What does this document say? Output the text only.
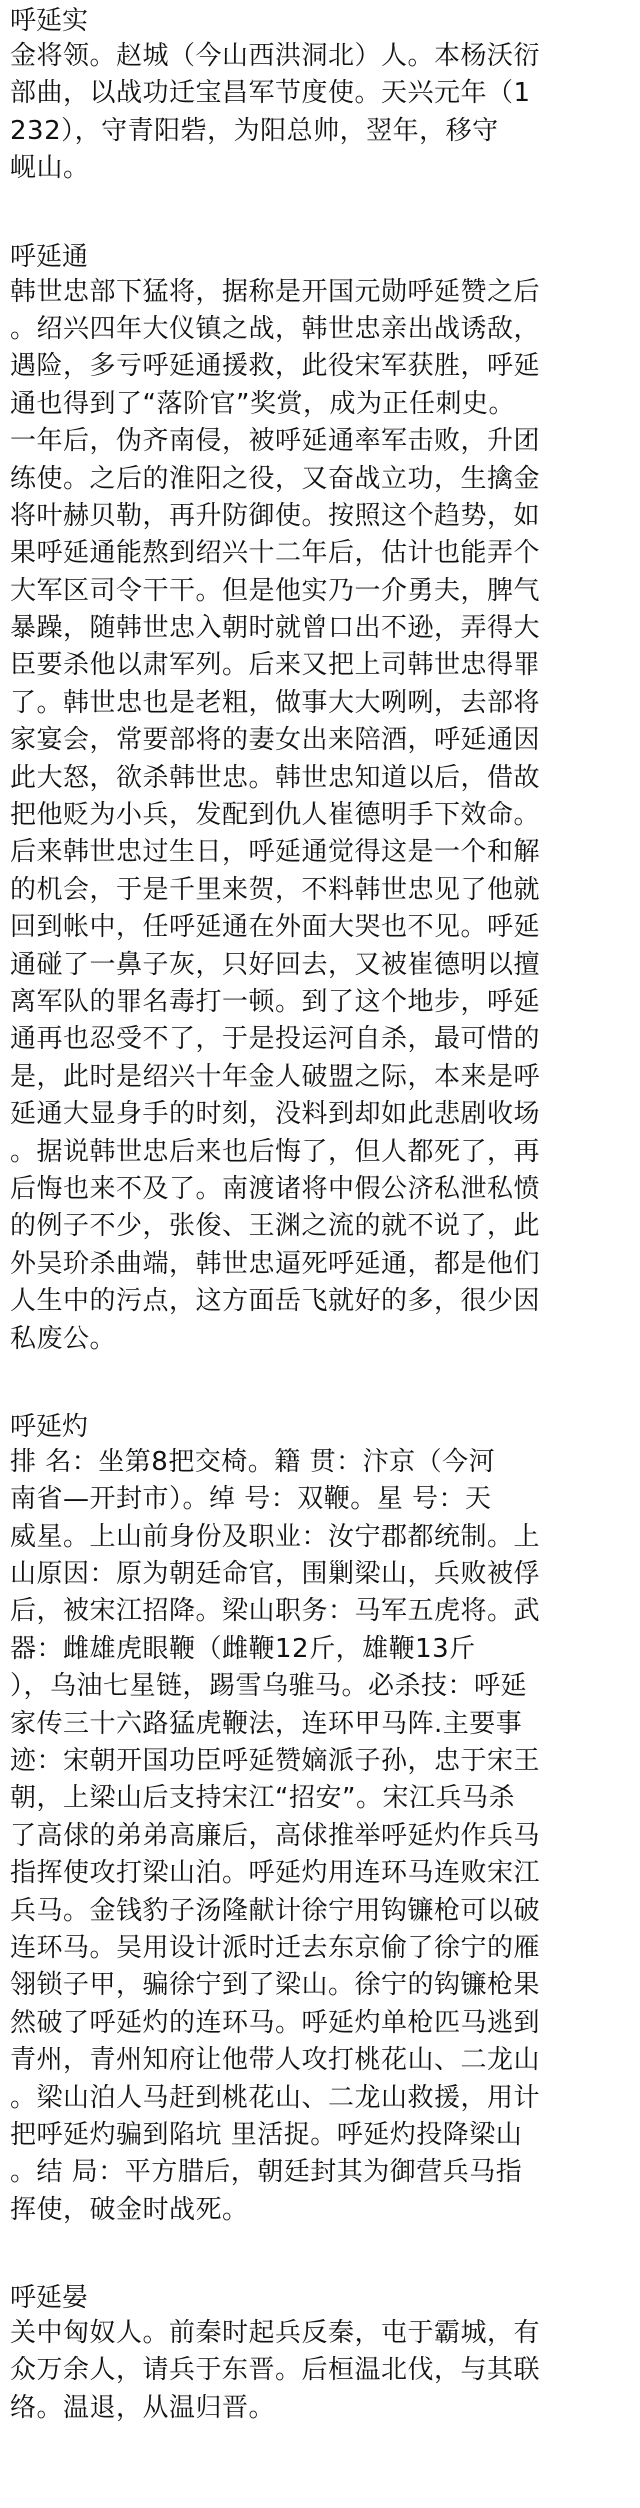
呼延实
金将领。赵城（今山西洪洞北）人。本杨沃衍
部曲，以战功迁宝昌军节度使。天兴元年（1
232），守青阳砦，为阳总帅，翌年，移守
岘山。
呼延通
韩世忠部下猛将，据称是开国元勋呼延赞之后
。绍兴四年大仪镇之战，韩世忠亲出战诱敌，
遇险，多亏呼延通援救，此役宋军获胜，呼延
通也得到了“落阶官”奖赏，成为正任刺史。
一年后，伪齐南侵，被呼延通率军击败，升团
练使。之后的淮阳之役，又奋战立功，生擒金
将叶赫贝勒，再升防御使。按照这个趋势，如
果呼延通能熬到绍兴十二年后，估计也能弄个
大军区司令干干。但是他实乃一介勇夫，脾气
暴躁，随韩世忠入朝时就曾口出不逊，弄得大
臣要杀他以肃军列。后来又把上司韩世忠得罪
了。韩世忠也是老粗，做事大大咧咧，去部将
家宴会，常要部将的妻女出来陪酒，呼延通因
此大怒，欲杀韩世忠。韩世忠知道以后，借故
把他贬为小兵，发配到仇人崔德明手下效命。
后来韩世忠过生日，呼延通觉得这是一个和解
的机会，于是千里来贺，不料韩世忠见了他就
回到帐中，任呼延通在外面大哭也不见。呼延
通碰了一鼻子灰，只好回去，又被崔德明以擅
离军队的罪名毒打一顿。到了这个地步，呼延
通再也忍受不了，于是投运河自杀，最可惜的
是，此时是绍兴十年金人破盟之际，本来是呼
延通大显身手的时刻，没料到却如此悲剧收场
。据说韩世忠后来也后悔了，但人都死了，再
后悔也来不及了。南渡诸将中假公济私泄私愤
的例子不少，张俊、王渊之流的就不说了，此
外吴玠杀曲端，韩世忠逼死呼延通，都是他们
人生中的污点，这方面岳飞就好的多，很少因
私废公。
呼延灼
排 名：坐第8把交椅。籍 贯：汴京（今河
南省—开封市）。绰 号：双鞭。星 号：天
威星。上山前身份及职业：汝宁郡都统制。上
山原因：原为朝廷命官，围剿梁山，兵败被俘
后，被宋江招降。梁山职务：马军五虎将。武
器：雌雄虎眼鞭（雌鞭12斤，雄鞭13斤
），乌油七星链，踢雪乌骓马。必杀技：呼延
家传三十六路猛虎鞭法，连环甲马阵.主要事
迹：宋朝开国功臣呼延赞嫡派子孙，忠于宋王
朝，上梁山后支持宋江“招安”。宋江兵马杀
了高俅的弟弟高廉后，高俅推举呼延灼作兵马
指挥使攻打梁山泊。呼延灼用连环马连败宋江
兵马。金钱豹子汤隆献计徐宁用钩镰枪可以破
连环马。吴用设计派时迁去东京偷了徐宁的雁
翎锁子甲，骗徐宁到了梁山。徐宁的钩镰枪果
然破了呼延灼的连环马。呼延灼单枪匹马逃到
青州，青州知府让他带人攻打桃花山、二龙山
。梁山泊人马赶到桃花山、二龙山救援，用计
把呼延灼骗到陷坑 里活捉。呼延灼投降梁山
。结 局：平方腊后，朝廷封其为御营兵马指
挥使，破金时战死。
呼延晏
关中匈奴人。前秦时起兵反秦，屯于霸城，有
众万余人，请兵于东晋。后桓温北伐，与其联
络。温退，从温归晋。
